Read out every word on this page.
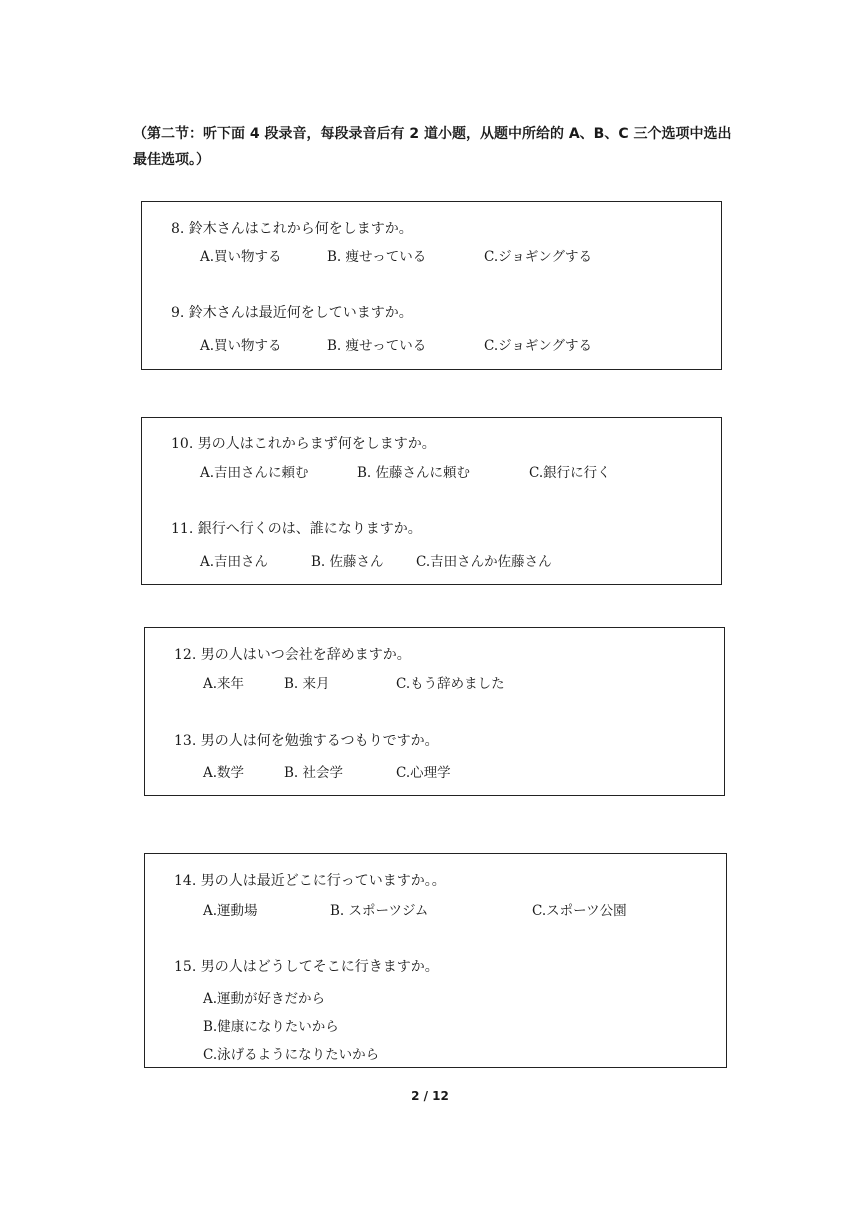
（第二节：听下面 4 段录音，每段录音后有 2 道小题，从题中所给的 A、B、C 三个选项中选出最佳选项。）
8. 鈴木さんはこれから何をしますか。
A.買い物する	B. 痩せっている	C.ジョギングする
9. 鈴木さんは最近何をしていますか。
A.買い物する	B. 痩せっている	C.ジョギングする
10. 男の人はこれからまず何をしますか。
A.吉田さんに頼む	B. 佐藤さんに頼む	C.銀行に行く
11. 銀行へ行くのは、誰になりますか。
A.吉田さん	B. 佐藤さん C.吉田さんか佐藤さん
12. 男の人はいつ会社を辞めますか。
A.来年	B. 来月	C.もう辞めました
13. 男の人は何を勉強するつもりですか。
A.数学	B. 社会学	C.心理学
14. 男の人は最近どこに行っていますか。。
A.運動場	B. スポーツジム	C.スポーツ公園
15. 男の人はどうしてそこに行きますか。
A.運動が好きだから
B.健康になりたいから
C.泳げるようになりたいから
2 / 12
